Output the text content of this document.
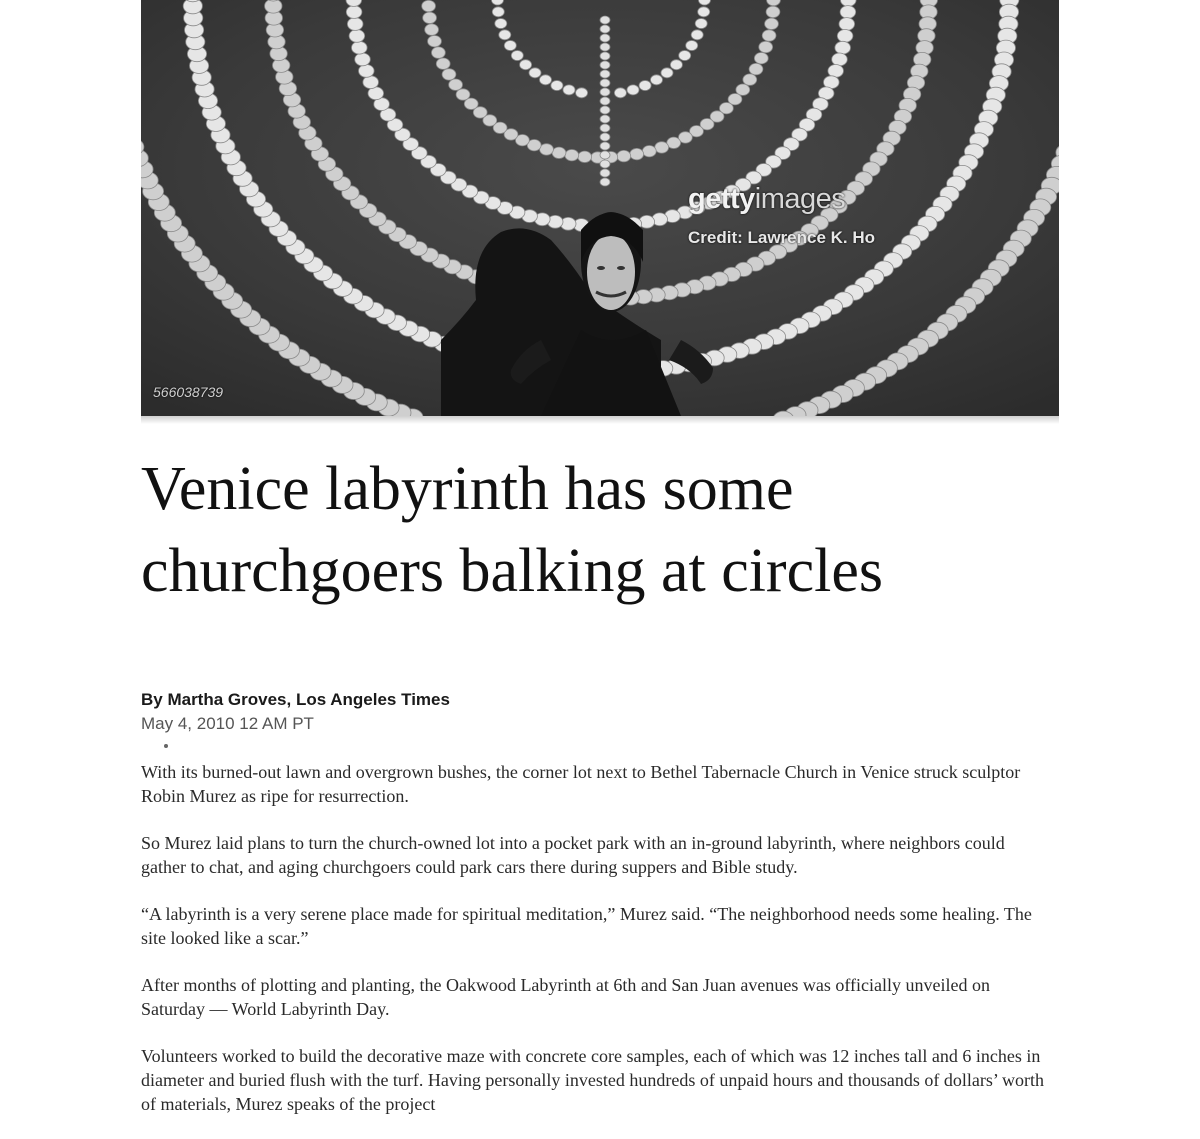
gettyimages
Credit: Lawrence K. Ho
566038739
Venice labyrinth has some churchgoers balking at circles
By Martha Groves, Los Angeles Times
May 4, 2010 12 AM PT

With its burned-out lawn and overgrown bushes, the corner lot next to Bethel Tabernacle Church in Venice struck sculptor Robin Murez as ripe for resurrection.

So Murez laid plans to turn the church-owned lot into a pocket park with an in-ground labyrinth, where neighbors could gather to chat, and aging churchgoers could park cars there during suppers and Bible study.

“A labyrinth is a very serene place made for spiritual meditation,” Murez said. “The neighborhood needs some healing. The site looked like a scar.”

After months of plotting and planting, the Oakwood Labyrinth at 6th and San Juan avenues was officially unveiled on Saturday — World Labyrinth Day.

Volunteers worked to build the decorative maze with concrete core samples, each of which was 12 inches tall and 6 inches in diameter and buried flush with the turf. Having personally invested hundreds of unpaid hours and thousands of dollars’ worth of materials, Murez speaks of the project
